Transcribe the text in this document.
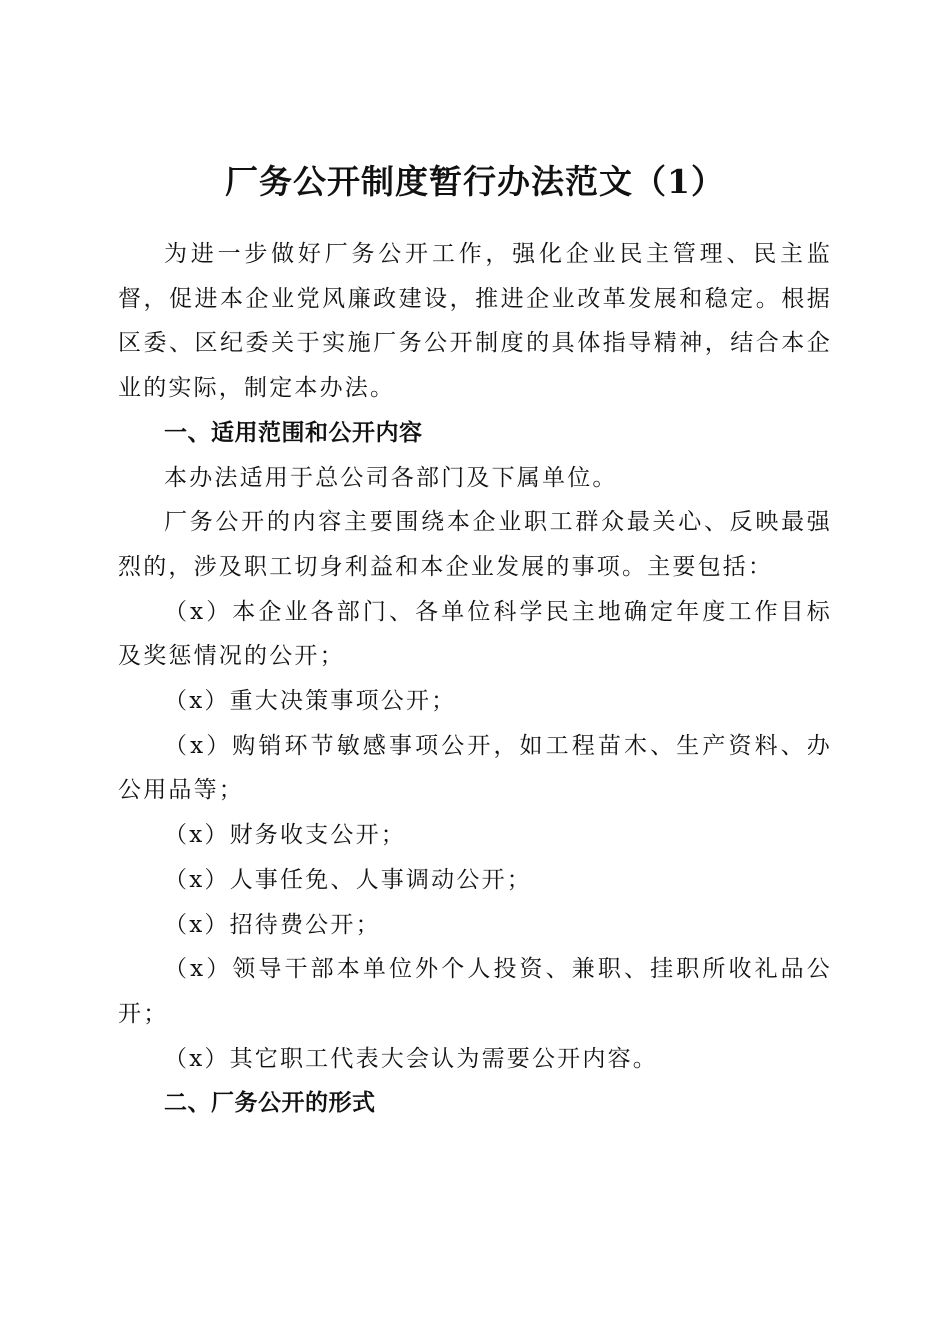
厂务公开制度暂行办法范文（1）

为进一步做好厂务公开工作，强化企业民主管理、民主监督，促进本企业党风廉政建设，推进企业改革发展和稳定。根据区委、区纪委关于实施厂务公开制度的具体指导精神，结合本企业的实际，制定本办法。

一、适用范围和公开内容

本办法适用于总公司各部门及下属单位。

厂务公开的内容主要围绕本企业职工群众最关心、反映最强烈的，涉及职工切身利益和本企业发展的事项。主要包括：

（x）本企业各部门、各单位科学民主地确定年度工作目标及奖惩情况的公开；

（x）重大决策事项公开；

（x）购销环节敏感事项公开，如工程苗木、生产资料、办公用品等；

（x）财务收支公开；

（x）人事任免、人事调动公开；

（x）招待费公开；

（x）领导干部本单位外个人投资、兼职、挂职所收礼品公开；

（x）其它职工代表大会认为需要公开内容。

二、厂务公开的形式
